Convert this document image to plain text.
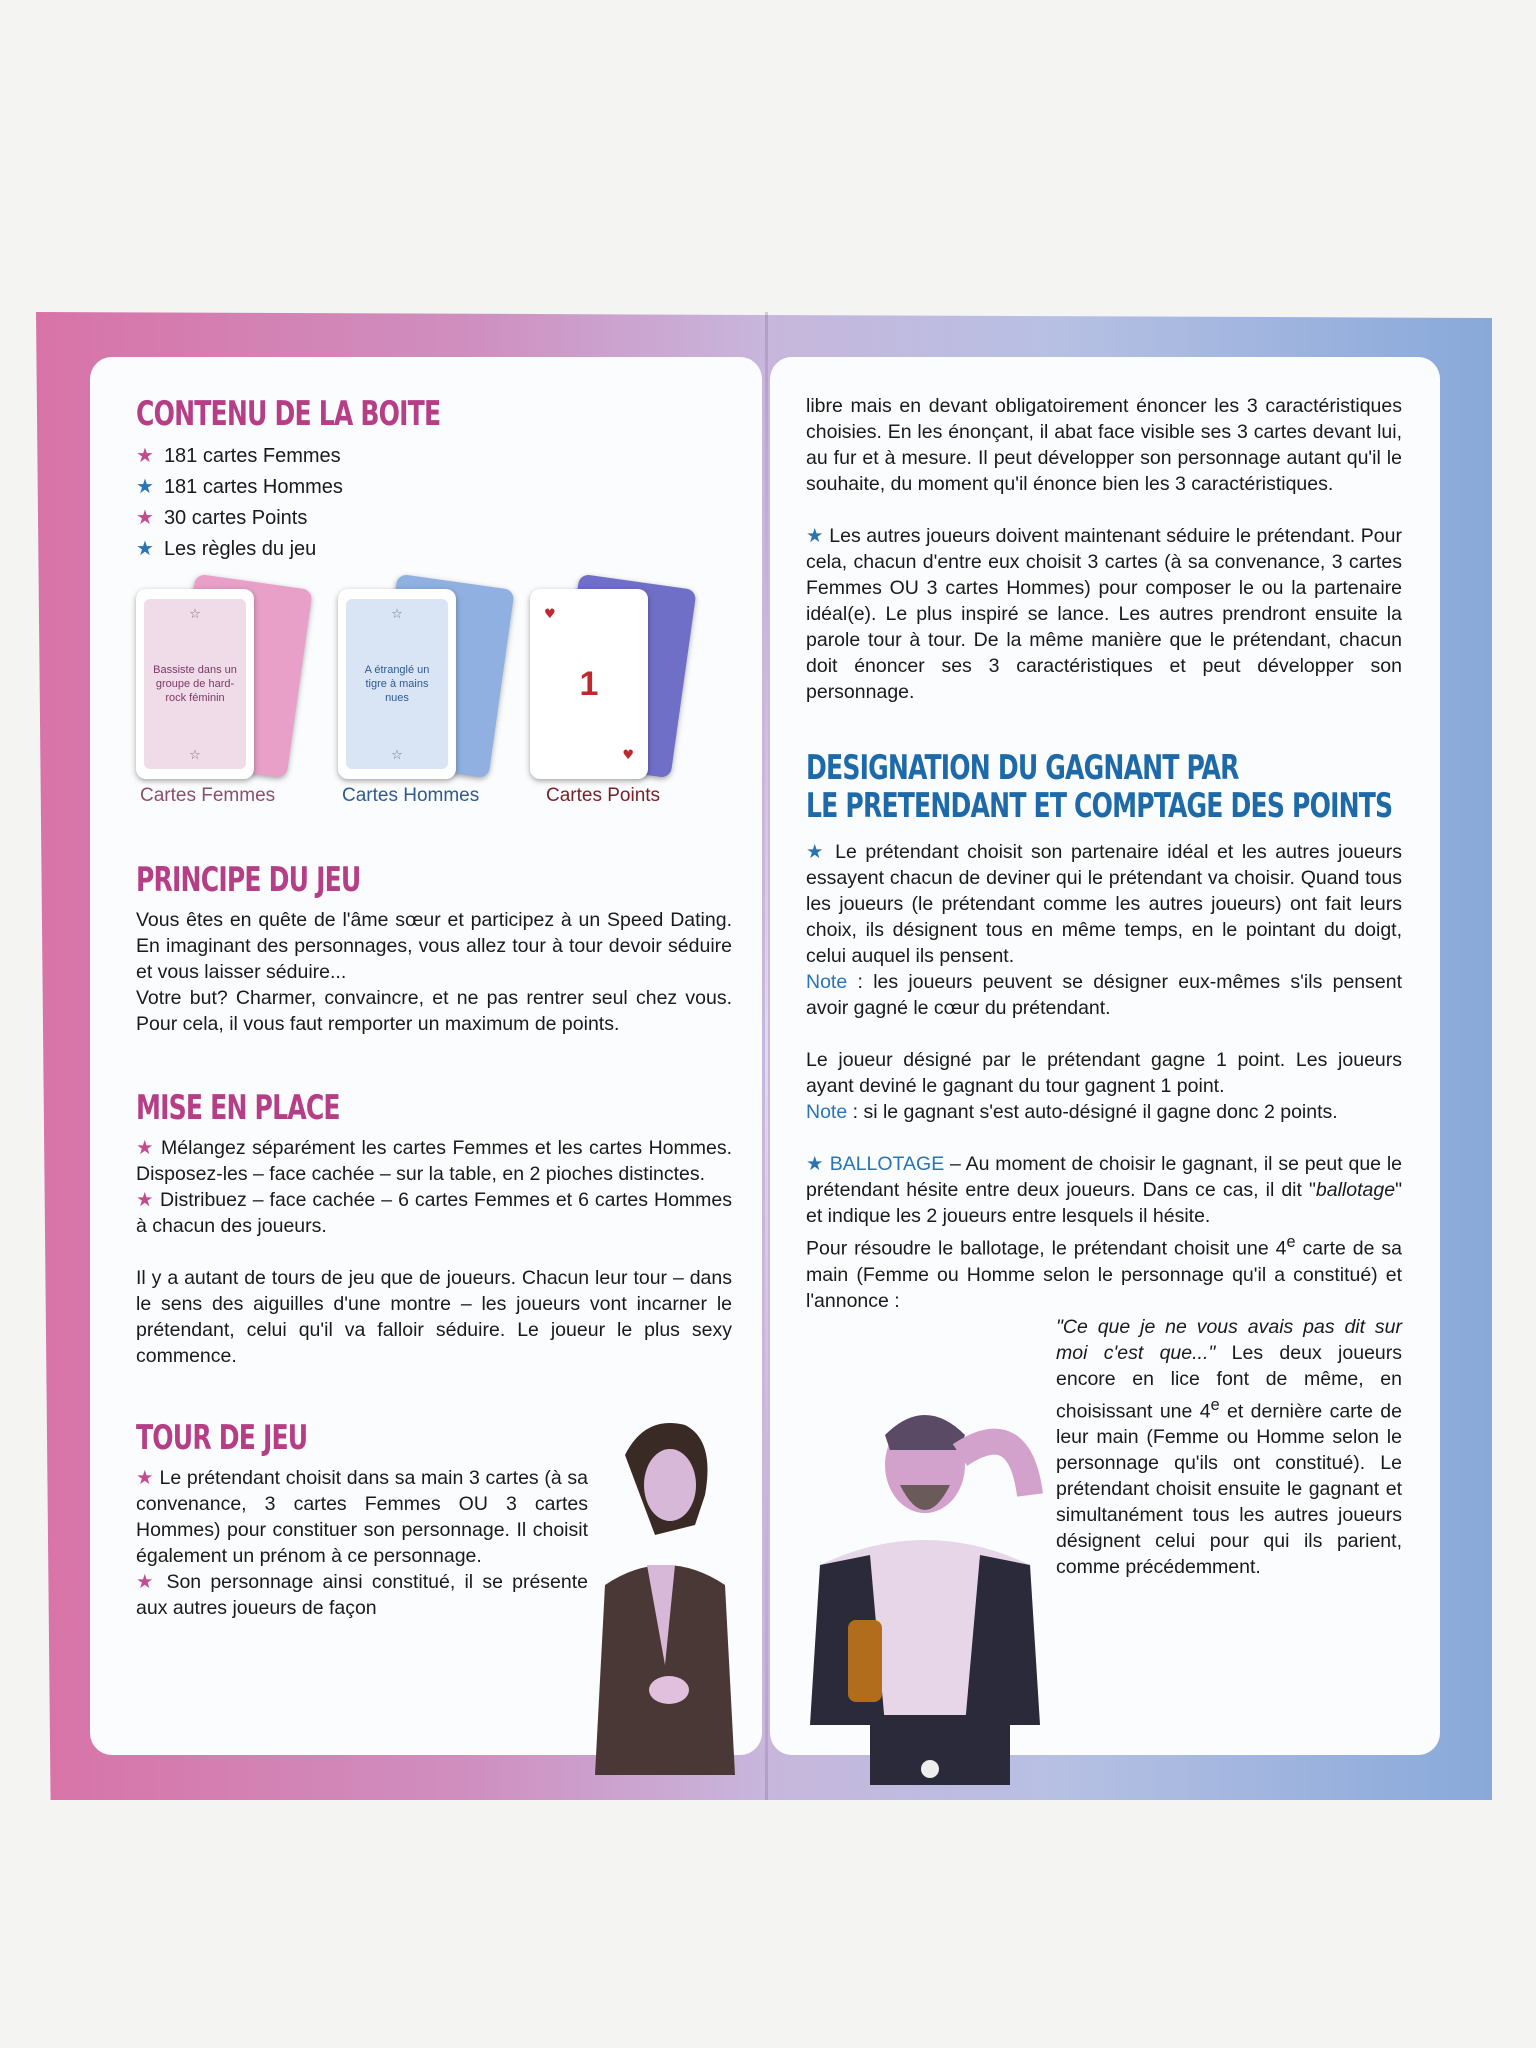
CONTENU DE LA BOITE
★ 181 cartes Femmes
★ 181 cartes Hommes
★ 30 cartes Points
★ Les règles du jeu
Bassiste dans un groupe de hard-rock féminin
☆
☆
A étranglé un tigre à mains nues
☆
☆
1
♥
♥
Cartes Femmes	Cartes Hommes	Cartes Points
PRINCIPE DU JEU

Vous êtes en quête de l'âme sœur et participez à un Speed Dating. En imaginant des personnages, vous allez tour à tour devoir séduire et vous laisser séduire...

Votre but? Charmer, convaincre, et ne pas rentrer seul chez vous. Pour cela, il vous faut remporter un maximum de points.

MISE EN PLACE

★ Mélangez séparément les cartes Femmes et les cartes Hommes. Disposez-les – face cachée – sur la table, en 2 pioches distinctes.

★ Distribuez – face cachée – 6 cartes Femmes et 6 cartes Hommes à chacun des joueurs.

Il y a autant de tours de jeu que de joueurs. Chacun leur tour – dans le sens des aiguilles d'une montre – les joueurs vont incarner le prétendant, celui qu'il va falloir séduire. Le joueur le plus sexy commence.

TOUR DE JEU

★ Le prétendant choisit dans sa main 3 cartes (à sa convenance, 3 cartes Femmes OU 3 cartes Hommes) pour constituer son personnage. Il choisit également un prénom à ce personnage.

★ Son personnage ainsi constitué, il se présente aux autres joueurs de façon

libre mais en devant obligatoirement énoncer les 3 caractéristiques choisies. En les énonçant, il abat face visible ses 3 cartes devant lui, au fur et à mesure. Il peut développer son personnage autant qu'il le souhaite, du moment qu'il énonce bien les 3 caractéristiques.

★ Les autres joueurs doivent maintenant séduire le prétendant. Pour cela, chacun d'entre eux choisit 3 cartes (à sa convenance, 3 cartes Femmes OU 3 cartes Hommes) pour composer le ou la partenaire idéal(e). Le plus inspiré se lance. Les autres prendront ensuite la parole tour à tour. De la même manière que le prétendant, chacun doit énoncer ses 3 caractéristiques et peut développer son personnage.

DESIGNATION DU GAGNANT PAR
LE PRETENDANT ET COMPTAGE DES POINTS

★ Le prétendant choisit son partenaire idéal et les autres joueurs essayent chacun de deviner qui le prétendant va choisir. Quand tous les joueurs (le prétendant comme les autres joueurs) ont fait leurs choix, ils désignent tous en même temps, en le pointant du doigt, celui auquel ils pensent.

Note : les joueurs peuvent se désigner eux-mêmes s'ils pensent avoir gagné le cœur du prétendant.

Le joueur désigné par le prétendant gagne 1 point. Les joueurs ayant deviné le gagnant du tour gagnent 1 point.

Note : si le gagnant s'est auto-désigné il gagne donc 2 points.

★ BALLOTAGE – Au moment de choisir le gagnant, il se peut que le prétendant hésite entre deux joueurs. Dans ce cas, il dit "ballotage" et indique les 2 joueurs entre lesquels il hésite.

Pour résoudre le ballotage, le prétendant choisit une 4e carte de sa main (Femme ou Homme selon le personnage qu'il a constitué) et l'annonce :

"Ce que je ne vous avais pas dit sur moi c'est que..." Les deux joueurs encore en lice font de même, en choisissant une 4e et dernière carte de leur main (Femme ou Homme selon le personnage qu'ils ont constitué). Le prétendant choisit ensuite le gagnant et simultanément tous les autres joueurs désignent celui pour qui ils parient, comme précédemment.
